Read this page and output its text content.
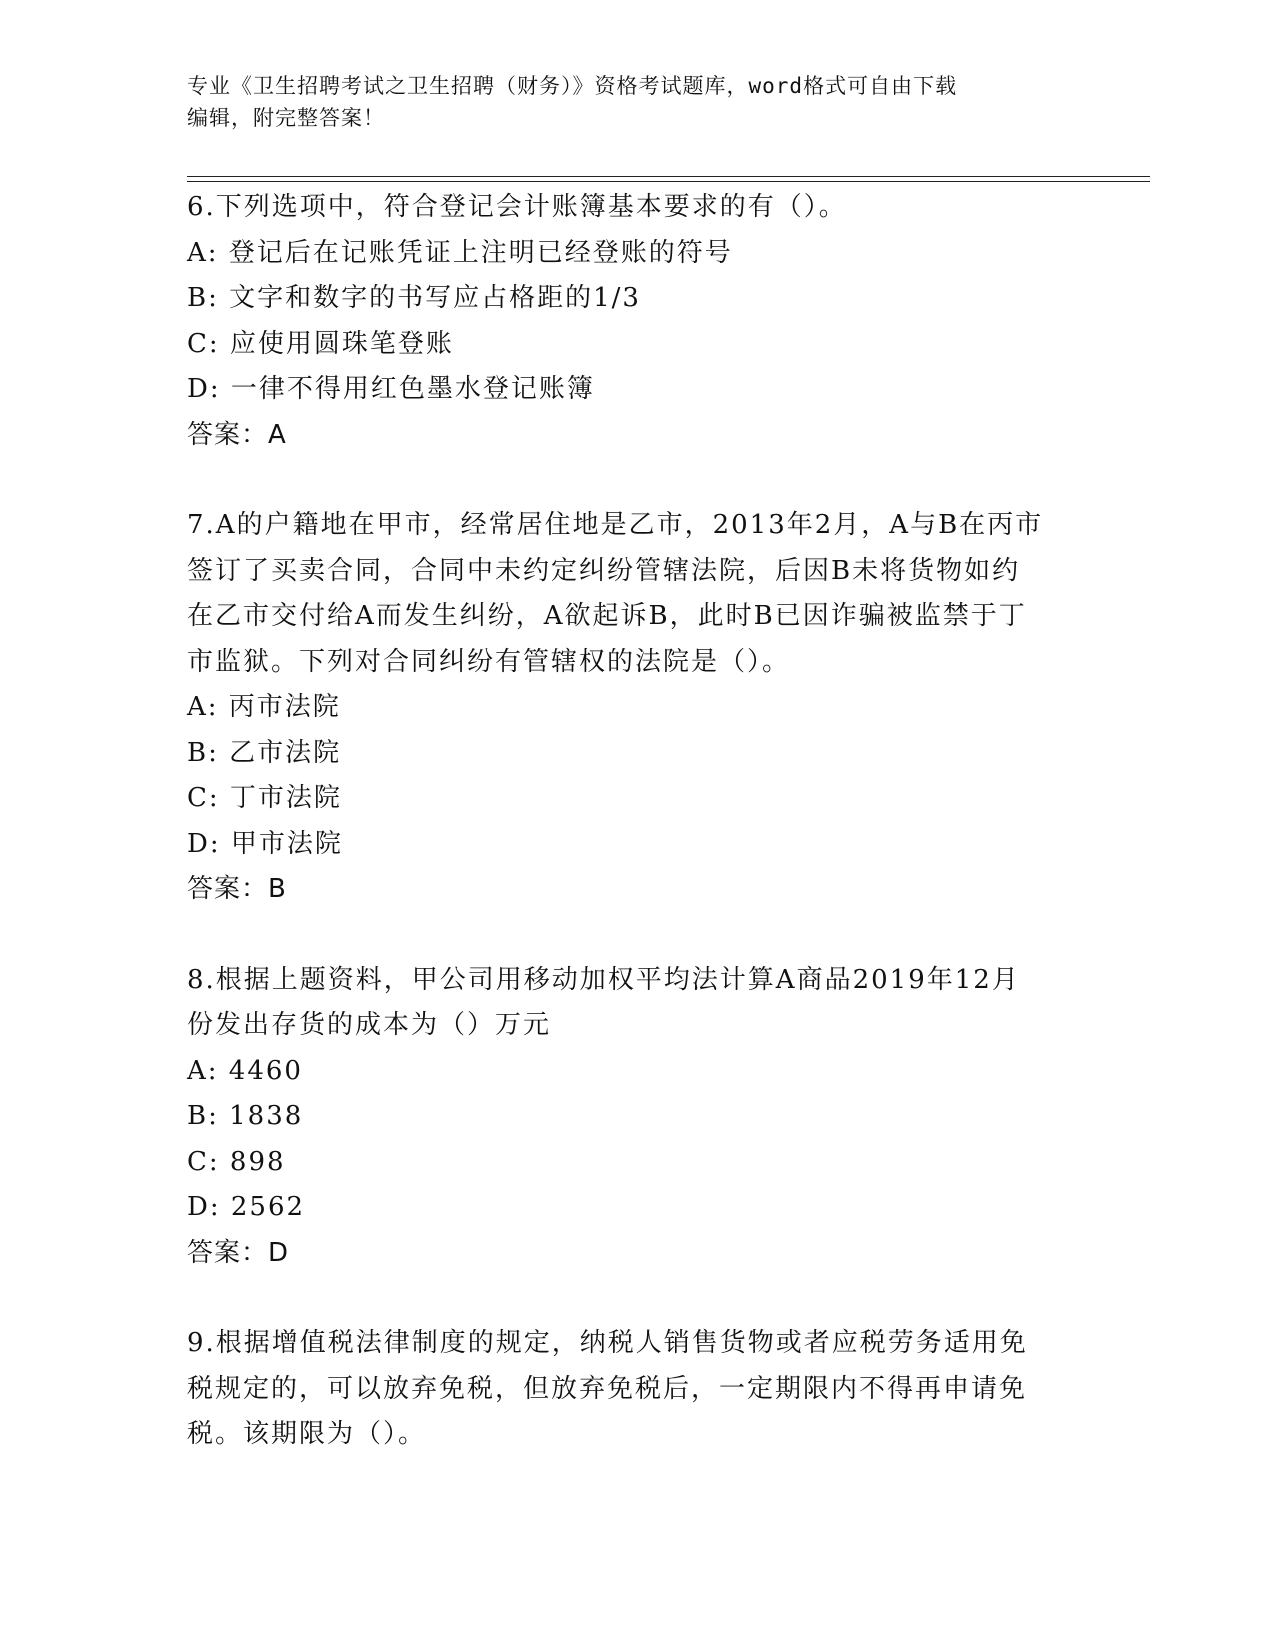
专业《卫生招聘考试之卫生招聘（财务）》资格考试题库，word格式可自由下载
编辑，附完整答案！
6.下列选项中，符合登记会计账簿基本要求的有（）。
A: 登记后在记账凭证上注明已经登账的符号
B: 文字和数字的书写应占格距的1/3
C: 应使用圆珠笔登账
D: 一律不得用红色墨水登记账簿
答案：A
7.A的户籍地在甲市，经常居住地是乙市，2013年2月，A与B在丙市
签订了买卖合同，合同中未约定纠纷管辖法院，后因B未将货物如约
在乙市交付给A而发生纠纷，A欲起诉B，此时B已因诈骗被监禁于丁
市监狱。下列对合同纠纷有管辖权的法院是（）。
A: 丙市法院
B: 乙市法院
C: 丁市法院
D: 甲市法院
答案：B
8.根据上题资料，甲公司用移动加权平均法计算A商品2019年12月
份发出存货的成本为（）万元
A: 4460
B: 1838
C: 898
D: 2562
答案：D
9.根据增值税法律制度的规定，纳税人销售货物或者应税劳务适用免
税规定的，可以放弃免税，但放弃免税后，一定期限内不得再申请免
税。该期限为（）。
